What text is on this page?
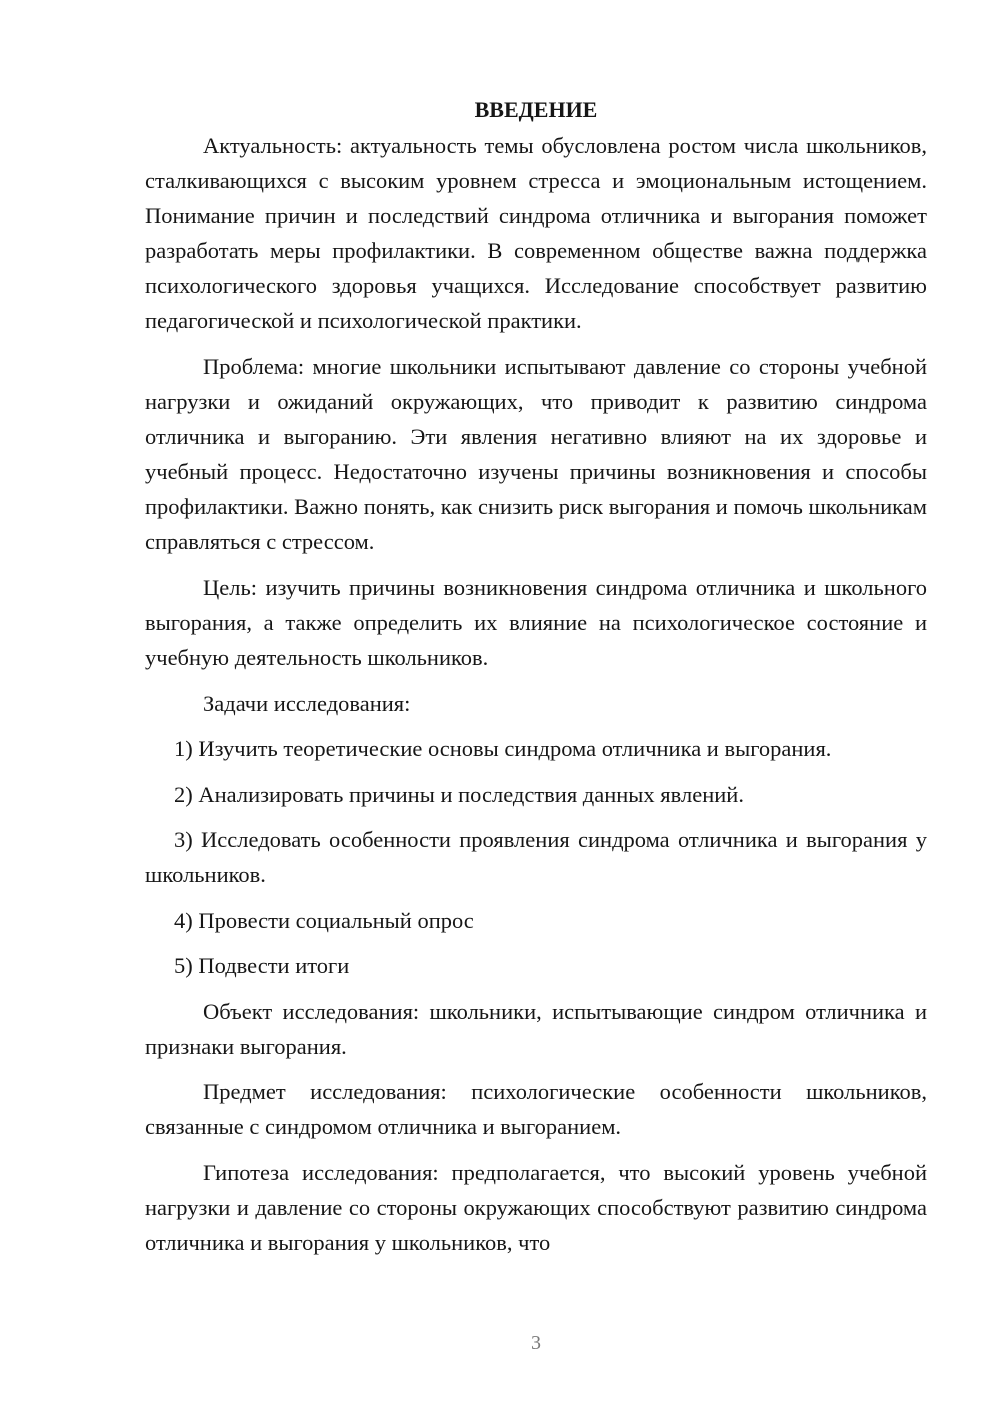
ВВЕДЕНИЕ

Актуальность: актуальность темы обусловлена ростом числа школьников, сталкивающихся с высоким уровнем стресса и эмоциональным истощением. Понимание причин и последствий синдрома отличника и выгорания поможет разработать меры профилактики. В современном обществе важна поддержка психологического здоровья учащихся. Исследование способствует развитию педагогической и психологической практики.

Проблема: многие школьники испытывают давление со стороны учебной нагрузки и ожиданий окружающих, что приводит к развитию синдрома отличника и выгоранию. Эти явления негативно влияют на их здоровье и учебный процесс. Недостаточно изучены причины возникновения и способы профилактики. Важно понять, как снизить риск выгорания и помочь школьникам справляться с стрессом.

Цель: изучить причины возникновения синдрома отличника и школьного выгорания, а также определить их влияние на психологическое состояние и учебную деятельность школьников.

Задачи исследования:

1) Изучить теоретические основы синдрома отличника и выгорания.

2) Анализировать причины и последствия данных явлений.

3) Исследовать особенности проявления синдрома отличника и выгорания у школьников.

4) Провести социальный опрос

5) Подвести итоги

Объект исследования: школьники, испытывающие синдром отличника и признаки выгорания.

Предмет исследования: психологические особенности школьников, связанные с синдромом отличника и выгоранием.

Гипотеза исследования: предполагается, что высокий уровень учебной нагрузки и давление со стороны окружающих способствуют развитию синдрома отличника и выгорания у школьников, что

3
